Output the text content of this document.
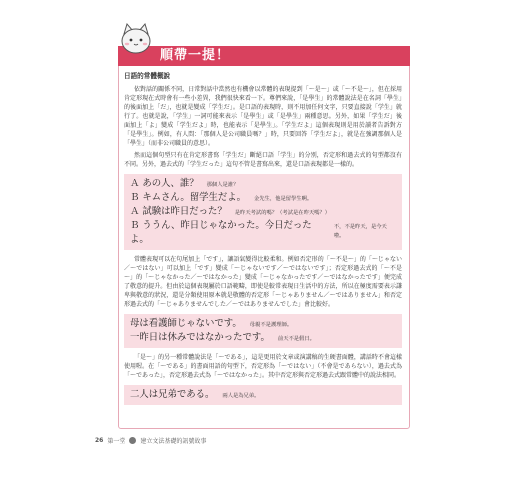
順帶一提！
日語的常體概說

依對話的關係不同，日常對話中當然也有機會以常體的表現提到「～是～」或「～不是～」，但在採用肯定形現在式時會有一些小差異，我們很快來看一下。尊們來說，「是學生」的常體說法是在名詞「學生」的後面加上「だ」，也就是變成「学生だ」。是口語的表現時，則不用加任何文字，只要直接說「学生」就行了。也就是說，「学生」一詞可能來表示「是學生」或「是學生」兩種意思。另外，如果「学生だ」後面加上「よ」變成「学生だよ」時，也能表示「是學生」。「学生だよ」這個表現則是用於讀者告訴對方「是學生」。例如，有人問：「那個人是公司職員嗎？」時，只要回答「学生だよ」，就是在強調那個人是「學生」（而非公司職員的意思）。

然而這個句型只有在肯定形書寫「学生だ」斷絕口語「学生」的分別，否定形和過去式的句型都沒有不同。另外，過去式的「学生だった」這句不管是書寫出來，還是口語表現都是一樣的。

Ａ あの人、誰？ 那個人是誰？
Ｂ キムさん。留学生だよ。 金先生，他是留學生啊。
Ａ 試験は昨日だった？ 是昨天考試的嗎？（考試是在昨天嗎？）
Ｂ ううん、昨日じゃなかった。今日だったよ。
不，不是昨天，是今天啦。

常體表現可以在句尾加上「です」，讓語氣變得比較柔和。例如否定形的「～不是～」的「～じゃない／～ではない」可以加上「です」變成「～じゃないです／～ではないです」；否定形過去式的「～不是～」的「～じゃなかった／～ではなかった」變成「～じゃなかったです／～ではなかったです」便完成了敬意的提升。但由於這個表現屬於口語範疇，即使是較常表現日生活中的方法，所以在極度需要表示謙卑與敬意的狀況，還是分類使用原本就是敬體的否定形「～じゃありません／～ではありません」和否定形過去式的「～じゃありませんでした／～ではありませんでした」會比較好。

母は看護師じゃないです。 母親不是護理師。
一昨日は休みではなかったです。 前天不是假日。

「是～」的另一種常體說法是「～である」，這是更用於文章或演講稿的生硬書面體，講話時不會這樣使用喔。在「～である」的書面用語的句型下，否定形為「～ではない」（不會是であらない），過去式為「～であった」，否定形過去式為「～ではなかった」。其中否定形與否定形過去式跟常體中的說法相同。

二人は兄弟である。 兩人是為兄弟。
26 第一堂	建立文法基礎的訊號故事
